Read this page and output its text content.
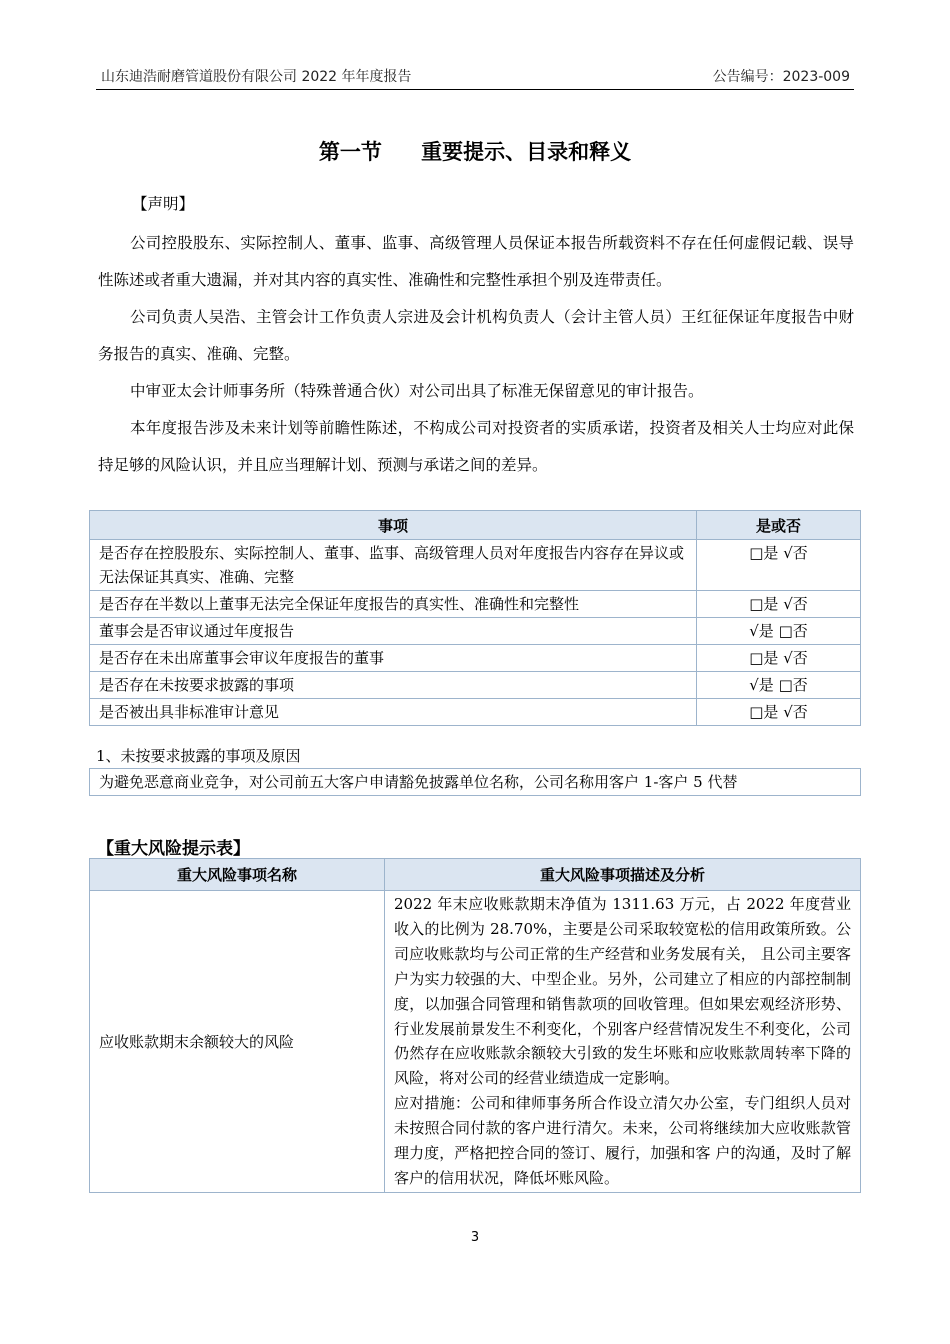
山东迪浩耐磨管道股份有限公司 2022 年年度报告	公告编号：2023-009
第一节 重要提示、目录和释义
【声明】
公司控股股东、实际控制人、董事、监事、高级管理人员保证本报告所载资料不存在任何虚假记载、误导性陈述或者重大遗漏，并对其内容的真实性、准确性和完整性承担个别及连带责任。
公司负责人吴浩、主管会计工作负责人宗进及会计机构负责人（会计主管人员）王红征保证年度报告中财务报告的真实、准确、完整。
中审亚太会计师事务所（特殊普通合伙）对公司出具了标准无保留意见的审计报告。
本年度报告涉及未来计划等前瞻性陈述，不构成公司对投资者的实质承诺，投资者及相关人士均应对此保持足够的风险认识，并且应当理解计划、预测与承诺之间的差异。
事项	是或否
是否存在控股股东、实际控制人、董事、监事、高级管理人员对年度报告内容存在异议或无法保证其真实、准确、完整	□是 √否
是否存在半数以上董事无法完全保证年度报告的真实性、准确性和完整性	□是 √否
董事会是否审议通过年度报告	√是 □否
是否存在未出席董事会审议年度报告的董事	□是 √否
是否存在未按要求披露的事项	√是 □否
是否被出具非标准审计意见	□是 √否
1、未按要求披露的事项及原因
为避免恶意商业竞争，对公司前五大客户申请豁免披露单位名称，公司名称用客户 1-客户 5 代替
【重大风险提示表】
重大风险事项名称	重大风险事项描述及分析
应收账款期末余额较大的风险	2022 年末应收账款期末净值为 1311.63 万元，占 2022 年度营业收入的比例为 28.70%，主要是公司采取较宽松的信用政策所致。公司应收账款均与公司正常的生产经营和业务发展有关， 且公司主要客户为实力较强的大、中型企业。另外，公司建立了相应的内部控制制度，以加强合同管理和销售款项的回收管理。但如果宏观经济形势、行业发展前景发生不利变化，个别客户经营情况发生不利变化，公司仍然存在应收账款余额较大引致的发生坏账和应收账款周转率下降的风险，将对公司的经营业绩造成一定影响。

应对措施：公司和律师事务所合作设立清欠办公室，专门组织人员对未按照合同付款的客户进行清欠。未来，公司将继续加大应收账款管理力度，严格把控合同的签订、履行，加强和客 户的沟通，及时了解客户的信用状况，降低坏账风险。

3
